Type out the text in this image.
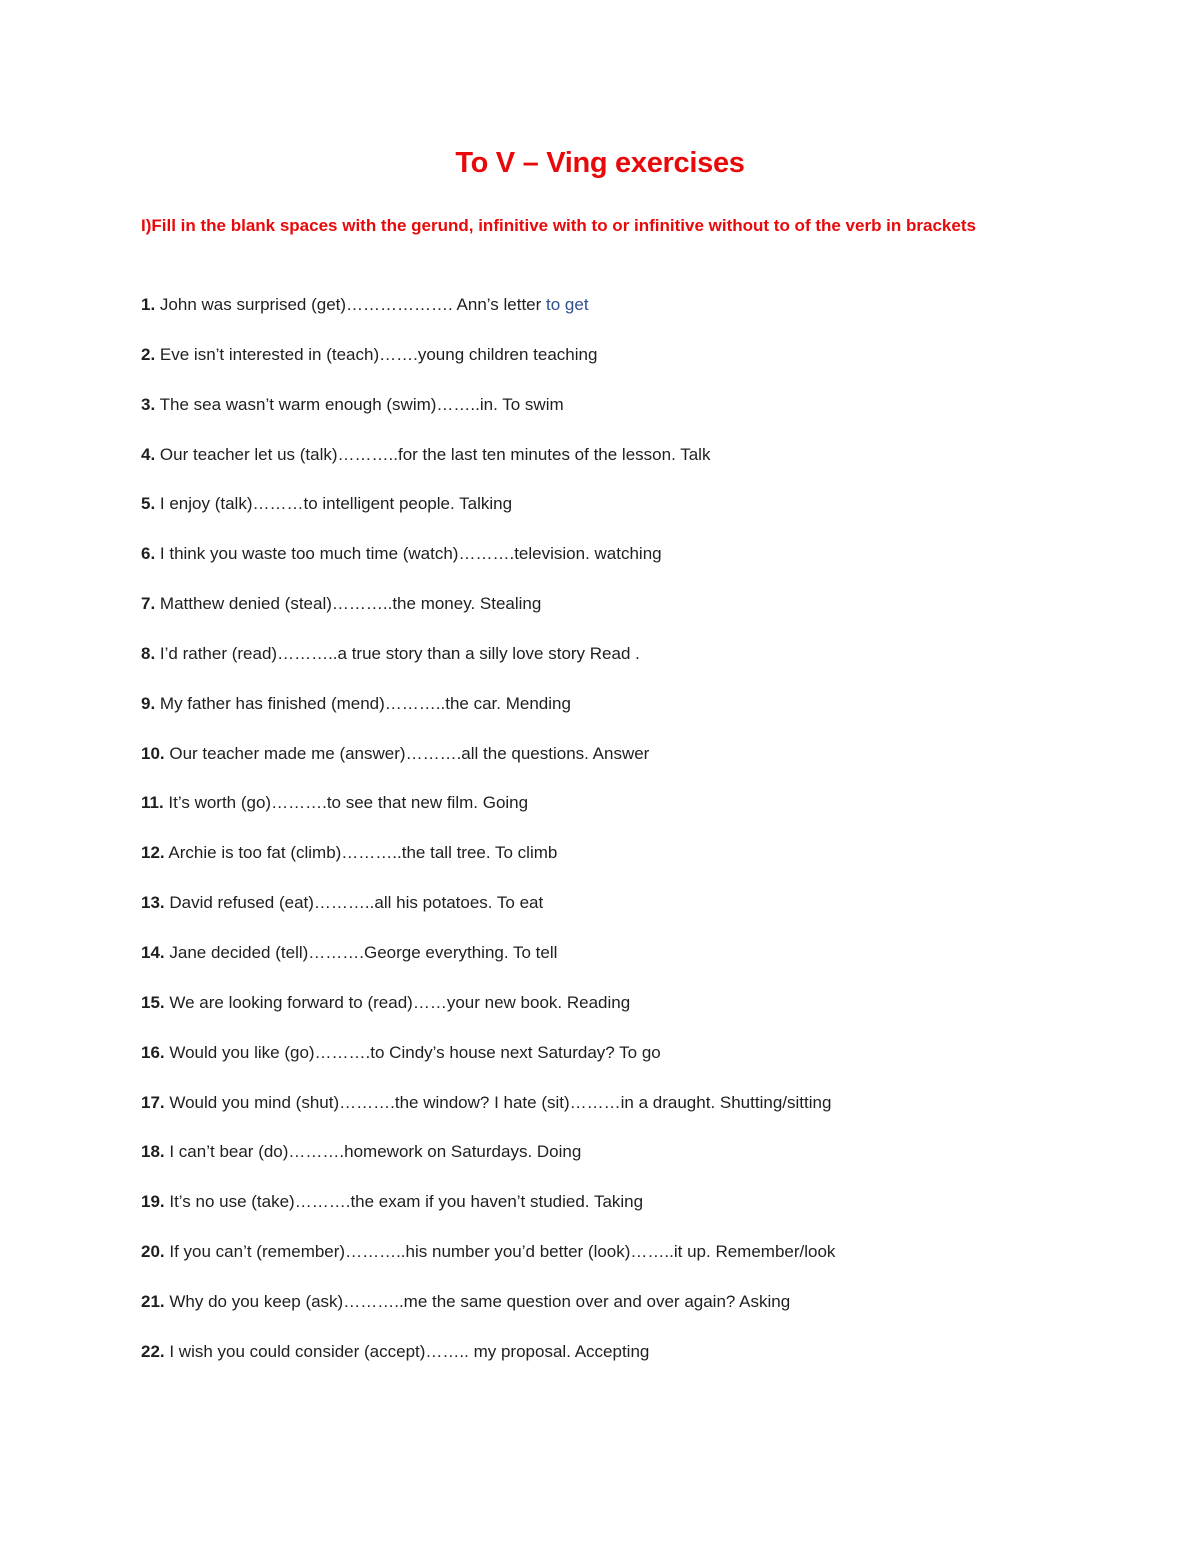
To V – Ving exercises
I)Fill in the blank spaces with the gerund, infinitive with to or infinitive without to of the verb in brackets
1. John was surprised (get)………………. Ann’s letter to get
2. Eve isn’t interested in (teach)…….young children teaching
3. The sea wasn’t warm enough (swim)……..in. To swim
4. Our teacher let us (talk)………..for the last ten minutes of the lesson. Talk
5. I enjoy (talk)………to intelligent people. Talking
6. I think you waste too much time (watch)……….television. watching
7. Matthew denied (steal)………..the money. Stealing
8. I’d rather (read)………..a true story than a silly love story Read .
9. My father has finished (mend)………..the car. Mending
10. Our teacher made me (answer)……….all the questions. Answer
11. It’s worth (go)……….to see that new film. Going
12. Archie is too fat (climb)………..the tall tree. To climb
13. David refused (eat)………..all his potatoes. To eat
14. Jane decided (tell)……….George everything. To tell
15. We are looking forward to (read)……your new book. Reading
16. Would you like (go)……….to Cindy’s house next Saturday? To go
17. Would you mind (shut)……….the window? I hate (sit)………in a draught. Shutting/sitting
18. I can’t bear (do)……….homework on Saturdays. Doing
19. It’s no use (take)……….the exam if you haven’t studied. Taking
20. If you can’t (remember)………..his number you’d better (look)……..it up. Remember/look
21. Why do you keep (ask)………..me the same question over and over again? Asking
22. I wish you could consider (accept)…….. my proposal. Accepting
